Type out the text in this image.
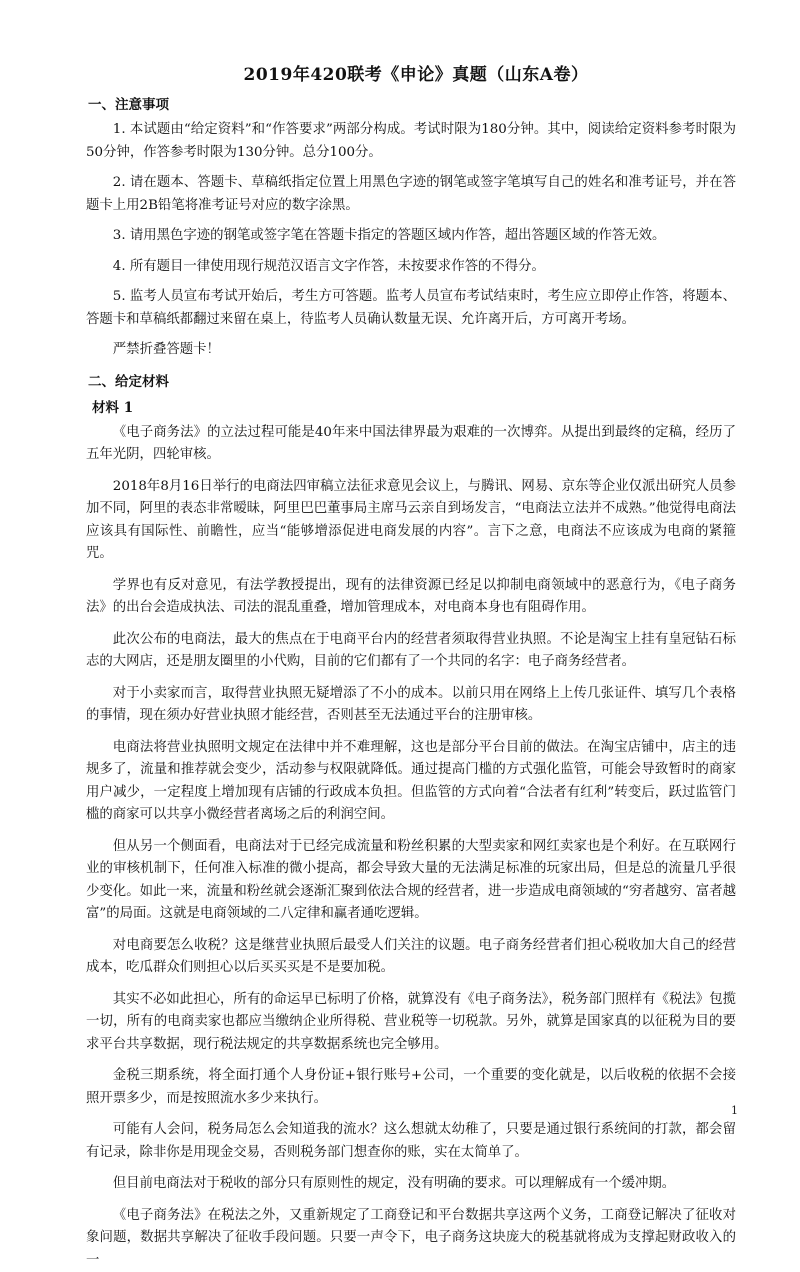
2019年420联考《申论》真题（山东A卷）
一、注意事项

1. 本试题由“给定资料”和“作答要求”两部分构成。考试时限为180分钟。其中，阅读给定资料参考时限为50分钟，作答参考时限为130分钟。总分100分。

2. 请在题本、答题卡、草稿纸指定位置上用黑色字迹的钢笔或签字笔填写自己的姓名和准考证号，并在答题卡上用2B铅笔将准考证号对应的数字涂黑。

3. 请用黑色字迹的钢笔或签字笔在答题卡指定的答题区域内作答，超出答题区域的作答无效。

4. 所有题目一律使用现行规范汉语言文字作答，未按要求作答的不得分。

5. 监考人员宣布考试开始后，考生方可答题。监考人员宣布考试结束时，考生应立即停止作答，将题本、答题卡和草稿纸都翻过来留在桌上，待监考人员确认数量无误、允许离开后，方可离开考场。

严禁折叠答题卡！

二、给定材料
材料 1

《电子商务法》的立法过程可能是40年来中国法律界最为艰难的一次博弈。从提出到最终的定稿，经历了五年光阴，四轮审核。

2018年8月16日举行的电商法四审稿立法征求意见会议上，与腾讯、网易、京东等企业仅派出研究人员参加不同，阿里的表态非常暧昧，阿里巴巴董事局主席马云亲自到场发言，“电商法立法并不成熟。”他觉得电商法应该具有国际性、前瞻性，应当“能够增添促进电商发展的内容”。言下之意，电商法不应该成为电商的紧箍咒。

学界也有反对意见，有法学教授提出，现有的法律资源已经足以抑制电商领域中的恶意行为，《电子商务法》的出台会造成执法、司法的混乱重叠，增加管理成本，对电商本身也有阻碍作用。

此次公布的电商法，最大的焦点在于电商平台内的经营者须取得营业执照。不论是淘宝上挂有皇冠钻石标志的大网店，还是朋友圈里的小代购，目前的它们都有了一个共同的名字：电子商务经营者。

对于小卖家而言，取得营业执照无疑增添了不小的成本。以前只用在网络上上传几张证件、填写几个表格的事情，现在须办好营业执照才能经营，否则甚至无法通过平台的注册审核。

电商法将营业执照明文规定在法律中并不难理解，这也是部分平台目前的做法。在淘宝店铺中，店主的违规多了，流量和推荐就会变少，活动参与权限就降低。通过提高门槛的方式强化监管，可能会导致暂时的商家用户减少，一定程度上增加现有店铺的行政成本负担。但监管的方式向着“合法者有红利”转变后，跃过监管门槛的商家可以共享小微经营者离场之后的利润空间。

但从另一个侧面看，电商法对于已经完成流量和粉丝积累的大型卖家和网红卖家也是个利好。在互联网行业的审核机制下，任何准入标准的微小提高，都会导致大量的无法满足标准的玩家出局，但是总的流量几乎很少变化。如此一来，流量和粉丝就会逐渐汇聚到依法合规的经营者，进一步造成电商领域的“穷者越穷、富者越富”的局面。这就是电商领域的二八定律和赢者通吃逻辑。

对电商要怎么收税？这是继营业执照后最受人们关注的议题。电子商务经营者们担心税收加大自己的经营成本，吃瓜群众们则担心以后买买买是不是要加税。

其实不必如此担心，所有的命运早已标明了价格，就算没有《电子商务法》，税务部门照样有《税法》包揽一切，所有的电商卖家也都应当缴纳企业所得税、营业税等一切税款。另外，就算是国家真的以征税为目的要求平台共享数据，现行税法规定的共享数据系统也完全够用。

金税三期系统，将全面打通个人身份证+银行账号+公司，一个重要的变化就是，以后收税的依据不会接照开票多少，而是按照流水多少来执行。

可能有人会问，税务局怎么会知道我的流水？这么想就太幼稚了，只要是通过银行系统间的打款，都会留有记录，除非你是用现金交易，否则税务部门想查你的账，实在太简单了。

但目前电商法对于税收的部分只有原则性的规定，没有明确的要求。可以理解成有一个缓冲期。

《电子商务法》在税法之外，又重新规定了工商登记和平台数据共享这两个义务，工商登记解决了征收对象问题，数据共享解决了征收手段问题。只要一声令下，电子商务这块庞大的税基就将成为支撑起财政收入的一

1
